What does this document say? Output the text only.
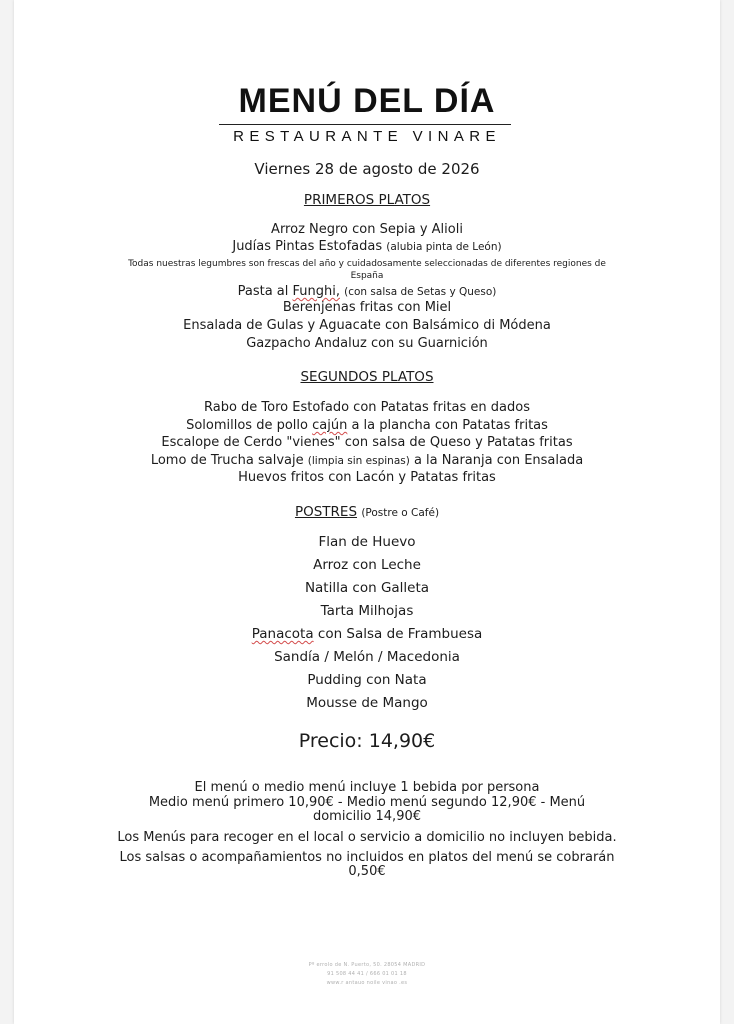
MENÚ DEL DÍA
RESTAURANTE VINARE
Viernes 28 de agosto de 2026
PRIMEROS PLATOS
Arroz Negro con Sepia y Alioli
Judías Pintas Estofadas (alubia pinta de León)
Todas nuestras legumbres son frescas del año y cuidadosamente seleccionadas de diferentes regiones de España
Pasta al Funghi, (con salsa de Setas y Queso)
Berenjenas fritas con Miel
Ensalada de Gulas y Aguacate con Balsámico di Módena
Gazpacho Andaluz con su Guarnición
SEGUNDOS PLATOS
Rabo de Toro Estofado con Patatas fritas en dados
Solomillos de pollo cajún a la plancha con Patatas fritas
Escalope de Cerdo "vienes" con salsa de Queso y Patatas fritas
Lomo de Trucha salvaje (limpia sin espinas) a la Naranja con Ensalada
Huevos fritos con Lacón y Patatas fritas
POSTRES (Postre o Café)
Flan de Huevo
Arroz con Leche
Natilla con Galleta
Tarta Milhojas
Panacota con Salsa de Frambuesa
Sandía / Melón / Macedonia
Pudding con Nata
Mousse de Mango
Precio: 14,90€
El menú o medio menú incluye 1 bebida por persona
Medio menú primero 10,90€ - Medio menú segundo 12,90€ - Menú domicilio 14,90€
Los Menús para recoger en el local o servicio a domicilio no incluyen bebida.
Los salsas o acompañamientos no incluidos en platos del menú se cobrarán 0,50€
Pº errolo de N. Puerto, 50. 28054 MADRID
91 508 44 41 / 666 01 01 18
www.r antauo noile vinao .es
